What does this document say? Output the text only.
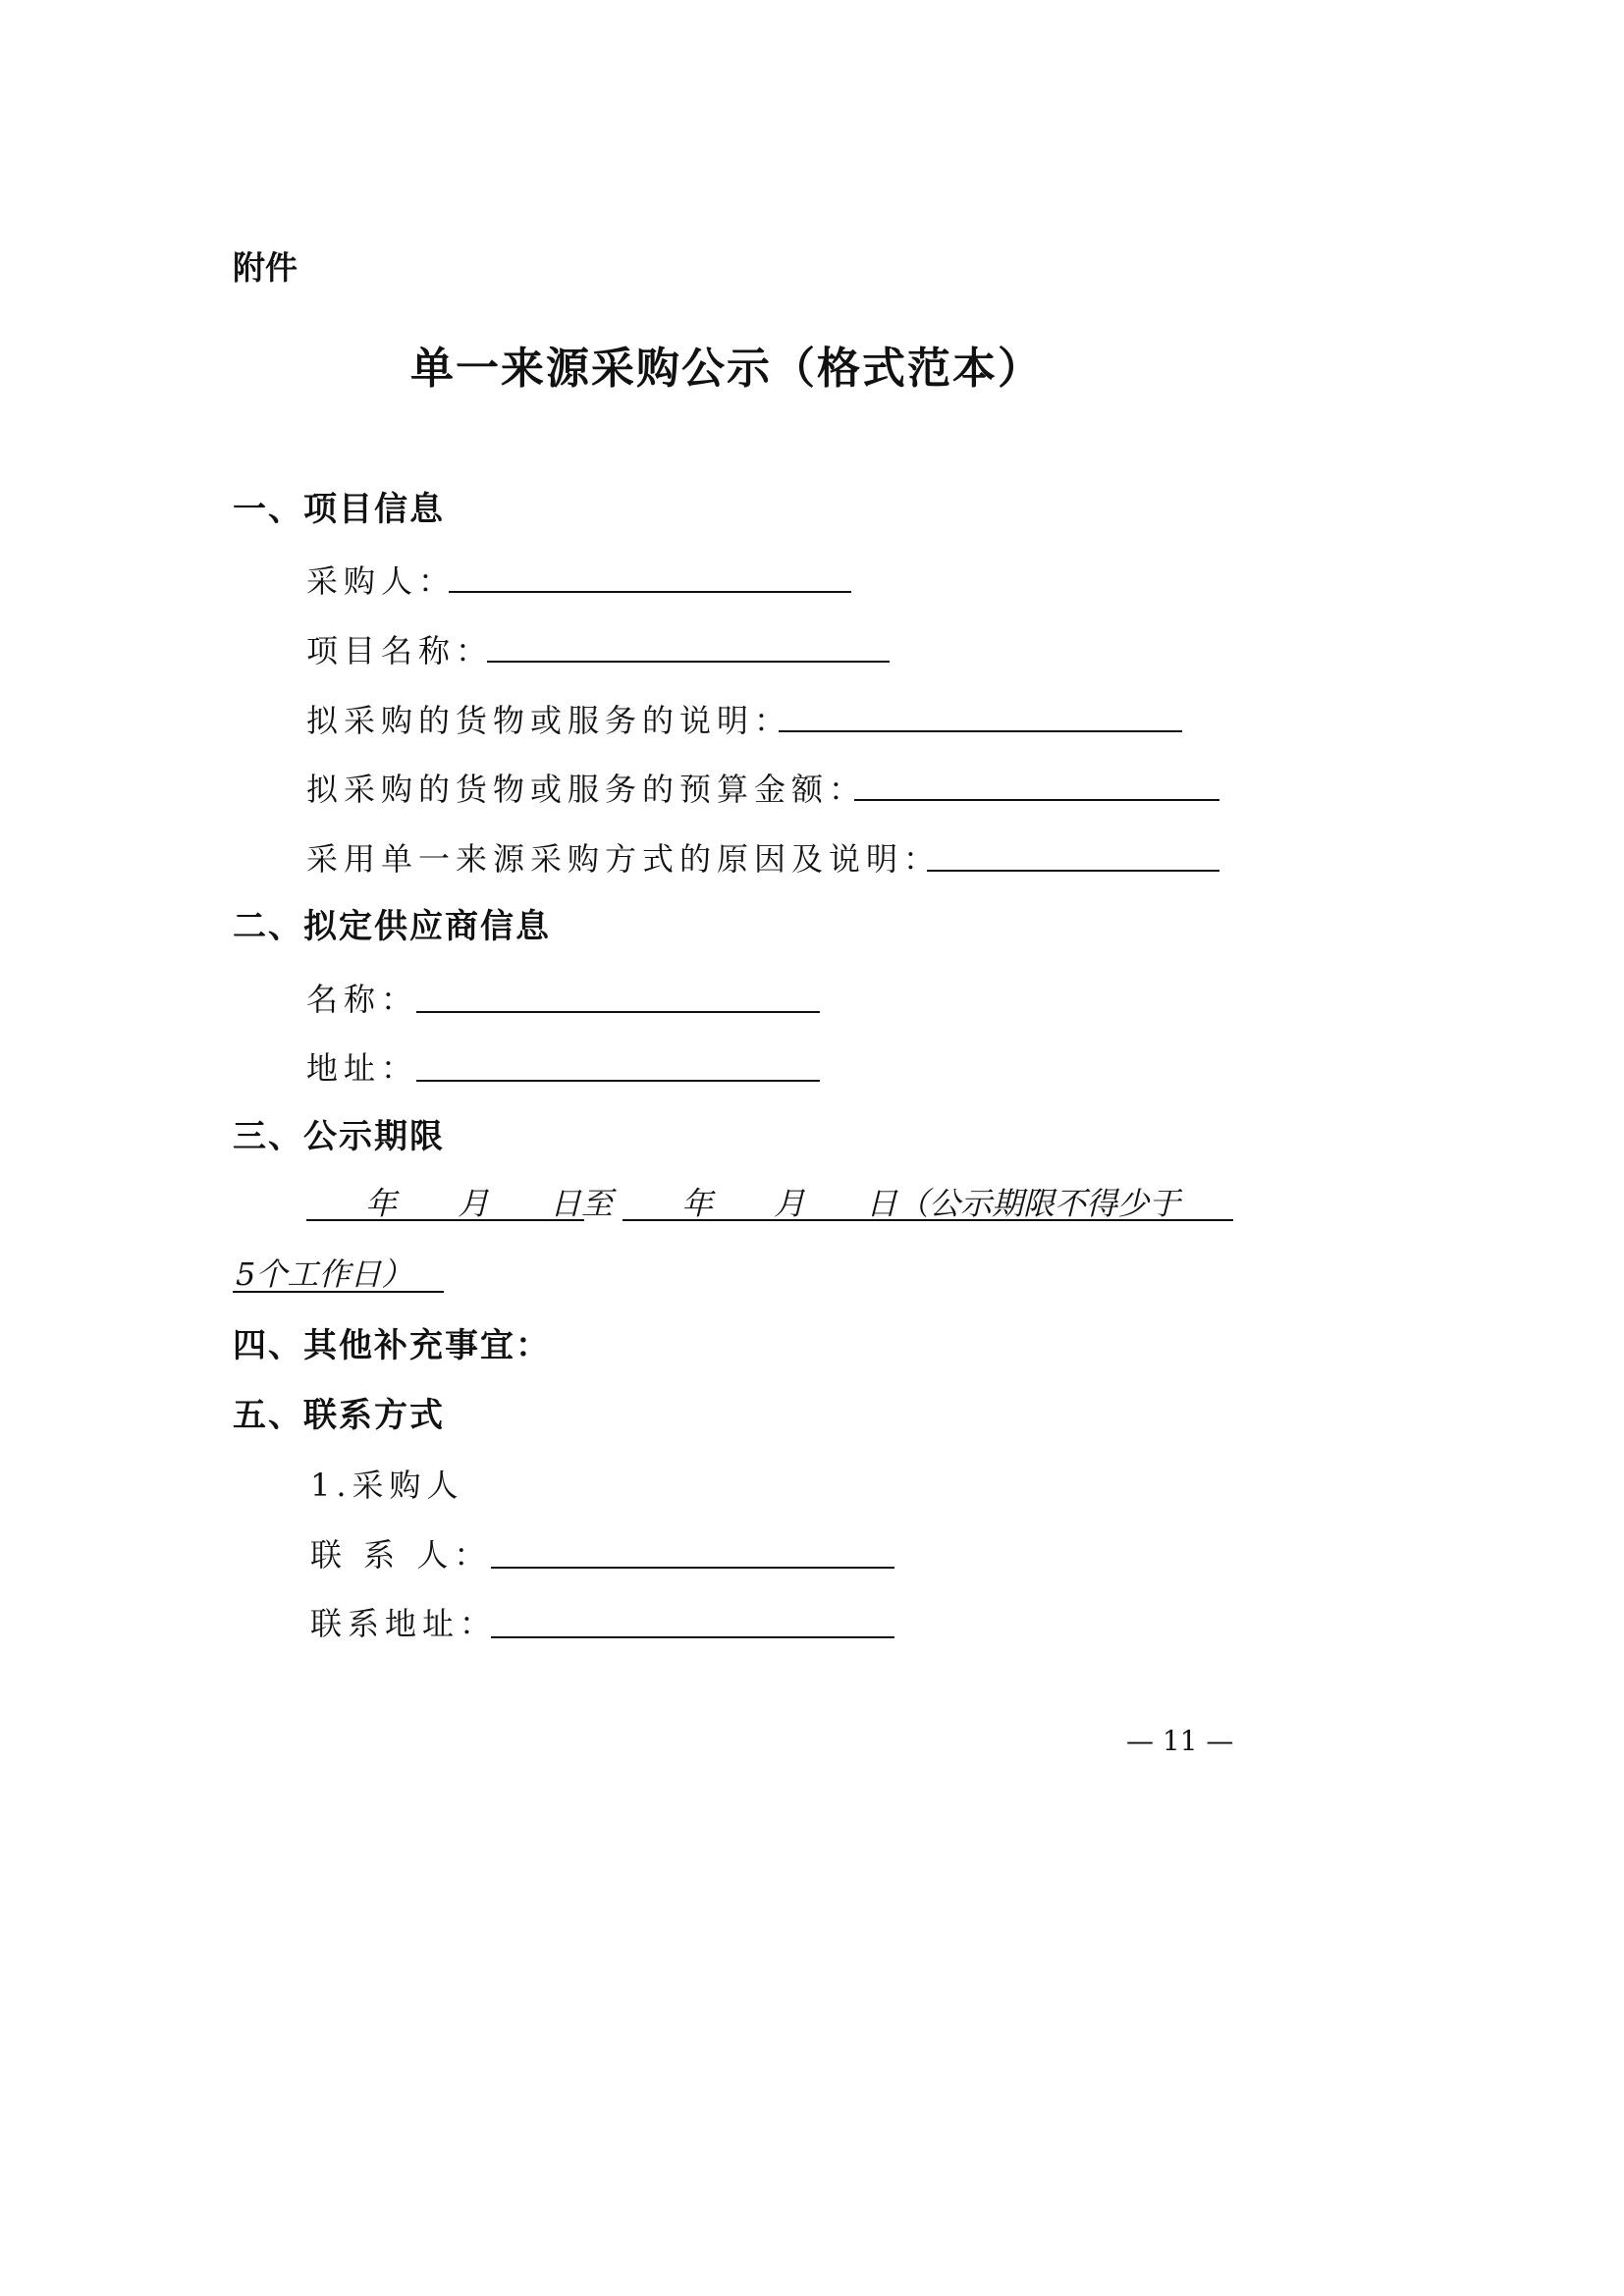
附件
单一来源采购公示（格式范本）
一、项目信息
采购人：
项目名称：
拟采购的货物或服务的说明：
拟采购的货物或服务的预算金额：
采用单一来源采购方式的原因及说明：
二、拟定供应商信息
名称：
地址：
三、公示期限
年 月 日至 年 月 日（公示期限不得少于
5个工作日）
四、其他补充事宜：
五、联系方式
1.采购人
联 系 人：
联系地址：
— 11 —
